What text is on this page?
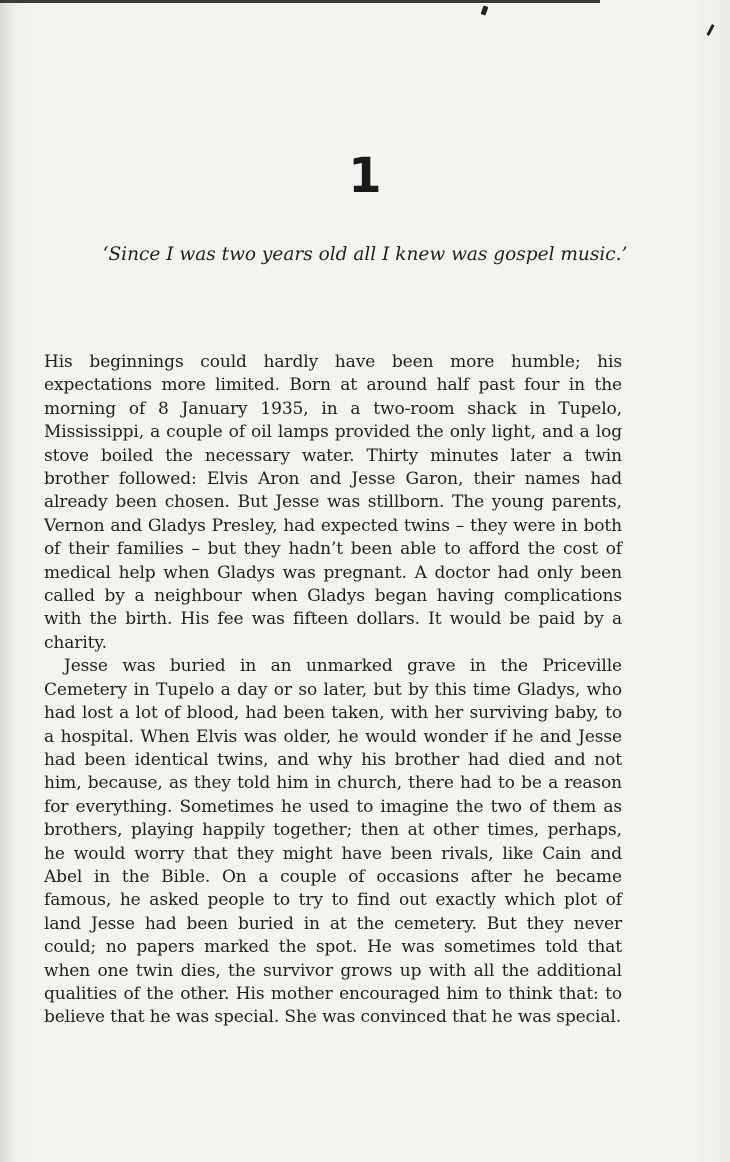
1
‘Since I was two years old all I knew was gospel music.’

His beginnings could hardly have been more humble; his expectations more limited. Born at around half past four in the morning of 8 January 1935, in a two-room shack in Tupelo, Mississippi, a couple of oil lamps provided the only light, and a log stove boiled the necessary water. Thirty minutes later a twin brother followed: Elvis Aron and Jesse Garon, their names had already been chosen. But Jesse was stillborn. The young parents, Vernon and Gladys Presley, had expected twins – they were in both of their families – but they hadn’t been able to afford the cost of medical help when Gladys was pregnant. A doctor had only been called by a neighbour when Gladys began having complications with the birth. His fee was fifteen dollars. It would be paid by a charity.

Jesse was buried in an unmarked grave in the Priceville Cemetery in Tupelo a day or so later, but by this time Gladys, who had lost a lot of blood, had been taken, with her surviving baby, to a hospital. When Elvis was older, he would wonder if he and Jesse had been identical twins, and why his brother had died and not him, because, as they told him in church, there had to be a reason for everything. Sometimes he used to imagine the two of them as brothers, playing happily together; then at other times, perhaps, he would worry that they might have been rivals, like Cain and Abel in the Bible. On a couple of occasions after he became famous, he asked people to try to find out exactly which plot of land Jesse had been buried in at the cemetery. But they never could; no papers marked the spot. He was sometimes told that when one twin dies, the survivor grows up with all the additional qualities of the other. His mother encouraged him to think that: to believe that he was special. She was convinced that he was special.
